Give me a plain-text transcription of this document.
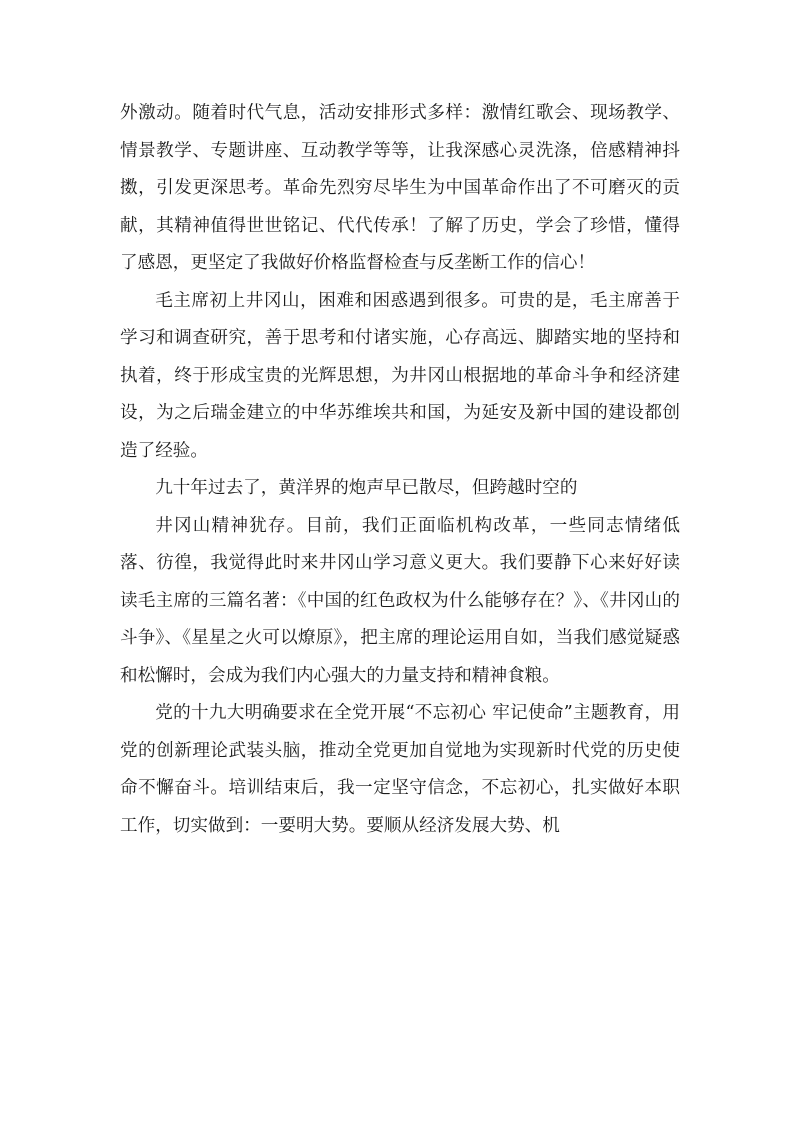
外激动。随着时代气息，活动安排形式多样：激情红歌会、现场教学、情景教学、专题讲座、互动教学等等，让我深感心灵洗涤，倍感精神抖擞，引发更深思考。革命先烈穷尽毕生为中国革命作出了不可磨灭的贡献，其精神值得世世铭记、代代传承！了解了历史，学会了珍惜，懂得了感恩，更坚定了我做好价格监督检查与反垄断工作的信心！

毛主席初上井冈山，困难和困惑遇到很多。可贵的是，毛主席善于学习和调查研究，善于思考和付诸实施，心存高远、脚踏实地的坚持和执着，终于形成宝贵的光辉思想，为井冈山根据地的革命斗争和经济建设，为之后瑞金建立的中华苏维埃共和国，为延安及新中国的建设都创造了经验。

九十年过去了，黄洋界的炮声早已散尽，但跨越时空的

井冈山精神犹存。目前，我们正面临机构改革，一些同志情绪低落、彷徨，我觉得此时来井冈山学习意义更大。我们要静下心来好好读读毛主席的三篇名著：《中国的红色政权为什么能够存在？》、《井冈山的斗争》、《星星之火可以燎原》，把主席的理论运用自如，当我们感觉疑惑和松懈时，会成为我们内心强大的力量支持和精神食粮。

党的十九大明确要求在全党开展“不忘初心 牢记使命”主题教育，用党的创新理论武装头脑，推动全党更加自觉地为实现新时代党的历史使命不懈奋斗。培训结束后，我一定坚守信念，不忘初心，扎实做好本职工作，切实做到：一要明大势。要顺从经济发展大势、机
